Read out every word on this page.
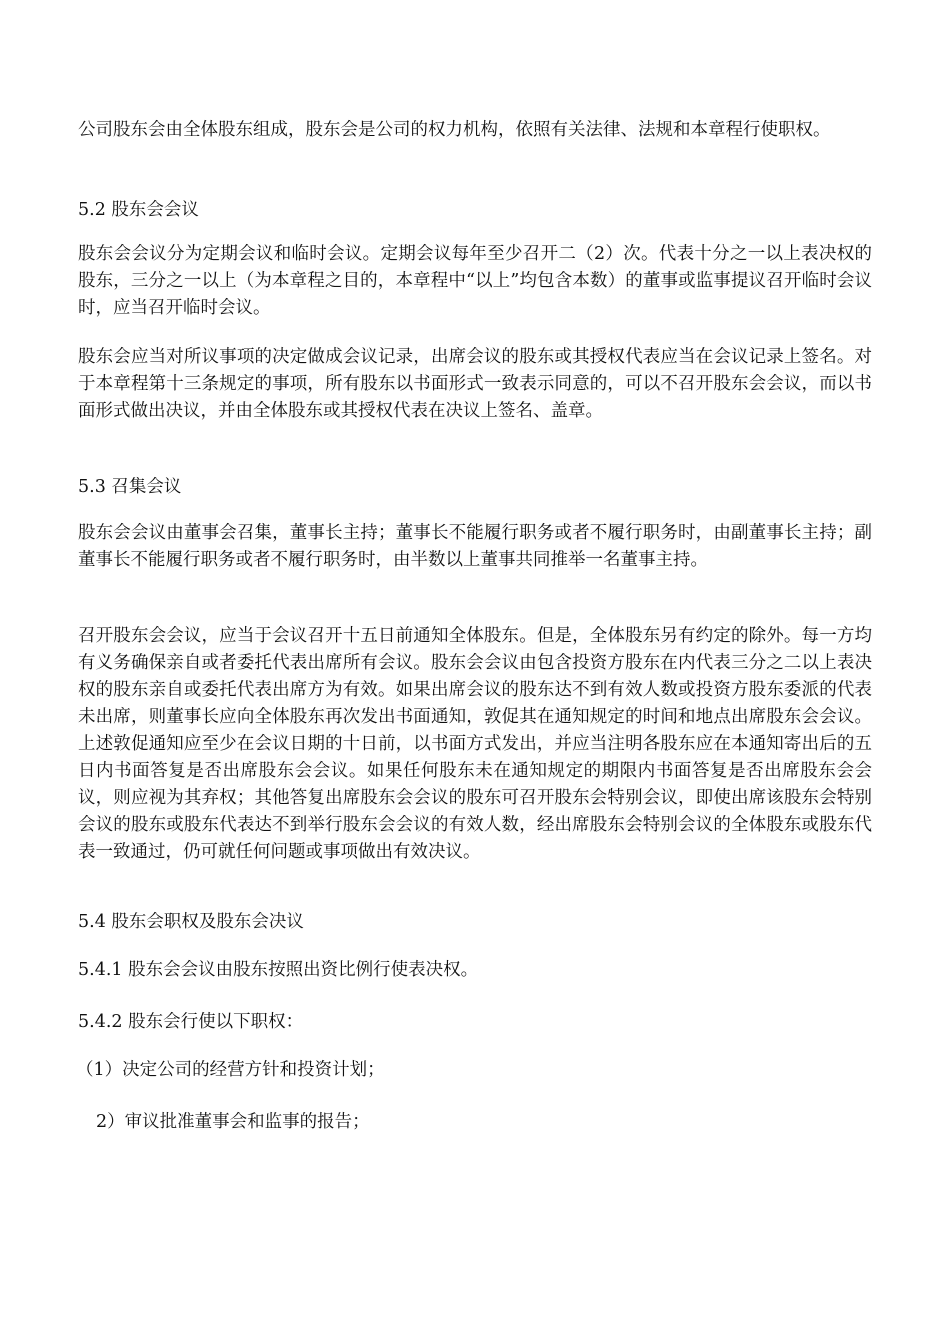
公司股东会由全体股东组成，股东会是公司的权力机构，依照有关法律、法规和本章程行使职权。

5.2 股东会会议

股东会会议分为定期会议和临时会议。定期会议每年至少召开二（2）次。代表十分之一以上表决权的股东，三分之一以上（为本章程之目的，本章程中“以上”均包含本数）的董事或监事提议召开临时会议时，应当召开临时会议。

股东会应当对所议事项的决定做成会议记录，出席会议的股东或其授权代表应当在会议记录上签名。对于本章程第十三条规定的事项，所有股东以书面形式一致表示同意的，可以不召开股东会会议，而以书面形式做出决议，并由全体股东或其授权代表在决议上签名、盖章。

5.3 召集会议

股东会会议由董事会召集，董事长主持；董事长不能履行职务或者不履行职务时，由副董事长主持；副董事长不能履行职务或者不履行职务时，由半数以上董事共同推举一名董事主持。

召开股东会会议，应当于会议召开十五日前通知全体股东。但是，全体股东另有约定的除外。每一方均有义务确保亲自或者委托代表出席所有会议。股东会会议由包含投资方股东在内代表三分之二以上表决权的股东亲自或委托代表出席方为有效。如果出席会议的股东达不到有效人数或投资方股东委派的代表未出席，则董事长应向全体股东再次发出书面通知，敦促其在通知规定的时间和地点出席股东会会议。上述敦促通知应至少在会议日期的十日前，以书面方式发出，并应当注明各股东应在本通知寄出后的五日内书面答复是否出席股东会会议。如果任何股东未在通知规定的期限内书面答复是否出席股东会会议，则应视为其弃权；其他答复出席股东会会议的股东可召开股东会特别会议，即使出席该股东会特别会议的股东或股东代表达不到举行股东会会议的有效人数，经出席股东会特别会议的全体股东或股东代表一致通过，仍可就任何问题或事项做出有效决议。

5.4 股东会职权及股东会决议

5.4.1 股东会会议由股东按照出资比例行使表决权。

5.4.2 股东会行使以下职权：

（1）决定公司的经营方针和投资计划；

2）审议批准董事会和监事的报告；
